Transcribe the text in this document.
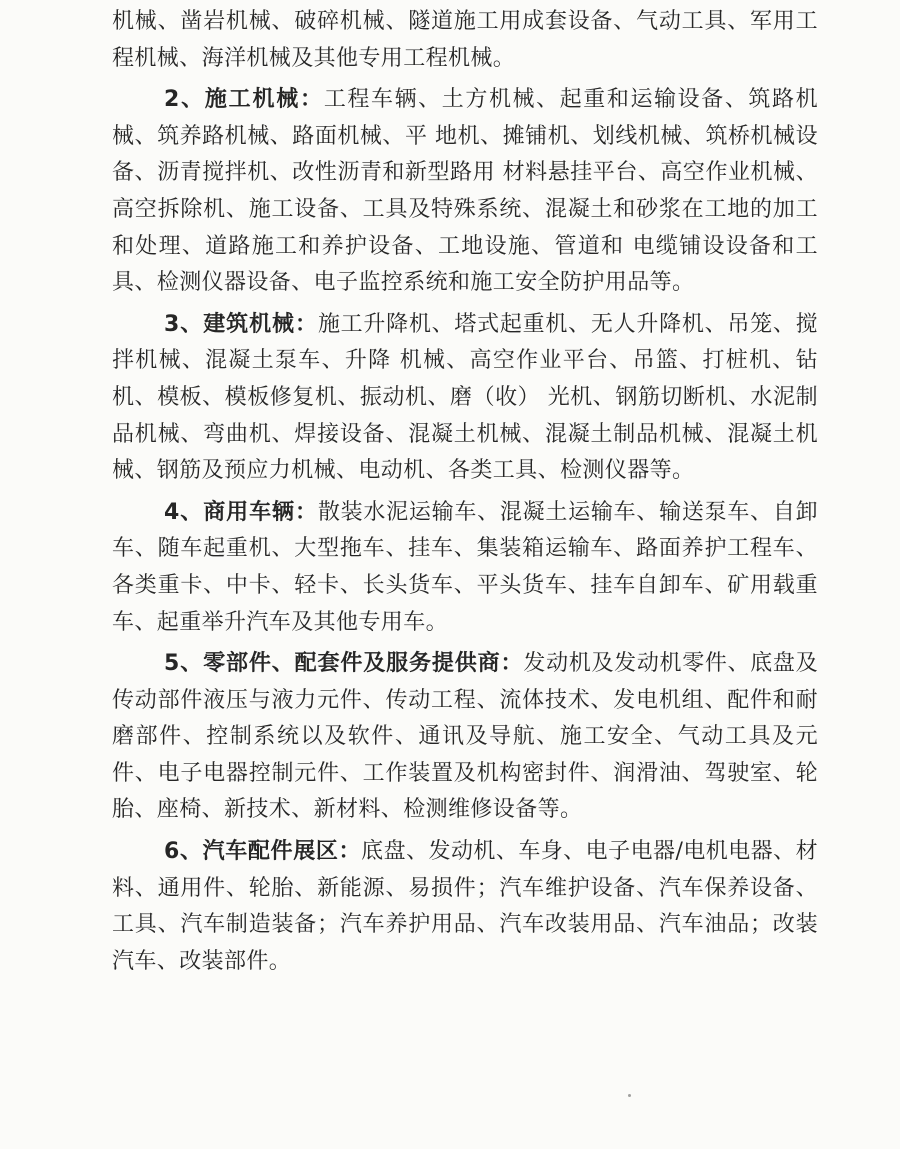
机械、凿岩机械、破碎机械、隧道施工用成套设备、气动工具、军用工程机械、海洋机械及其他专用工程机械。

2、施工机械：工程车辆、土方机械、起重和运输设备、筑路机械、筑养路机械、路面机械、平 地机、摊铺机、划线机械、筑桥机械设备、沥青搅拌机、改性沥青和新型路用 材料悬挂平台、高空作业机械、高空拆除机、施工设备、工具及特殊系统、混凝土和砂浆在工地的加工和处理、道路施工和养护设备、工地设施、管道和 电缆铺设设备和工具、检测仪器设备、电子监控系统和施工安全防护用品等。

3、建筑机械：施工升降机、塔式起重机、无人升降机、吊笼、搅拌机械、混凝土泵车、升降 机械、高空作业平台、吊篮、打桩机、钻机、模板、模板修复机、振动机、磨（收） 光机、钢筋切断机、水泥制品机械、弯曲机、焊接设备、混凝土机械、混凝土制品机械、混凝土机械、钢筋及预应力机械、电动机、各类工具、检测仪器等。

4、商用车辆：散装水泥运输车、混凝土运输车、输送泵车、自卸车、随车起重机、大型拖车、挂车、集装箱运输车、路面养护工程车、各类重卡、中卡、轻卡、长头货车、平头货车、挂车自卸车、矿用载重车、起重举升汽车及其他专用车。

5、零部件、配套件及服务提供商：发动机及发动机零件、底盘及传动部件液压与液力元件、传动工程、流体技术、发电机组、配件和耐磨部件、控制系统以及软件、通讯及导航、施工安全、气动工具及元件、电子电器控制元件、工作装置及机构密封件、润滑油、驾驶室、轮胎、座椅、新技术、新材料、检测维修设备等。

6、汽车配件展区：底盘、发动机、车身、电子电器/电机电器、材料、通用件、轮胎、新能源、易损件；汽车维护设备、汽车保养设备、工具、汽车制造装备；汽车养护用品、汽车改装用品、汽车油品；改装汽车、改装部件。
